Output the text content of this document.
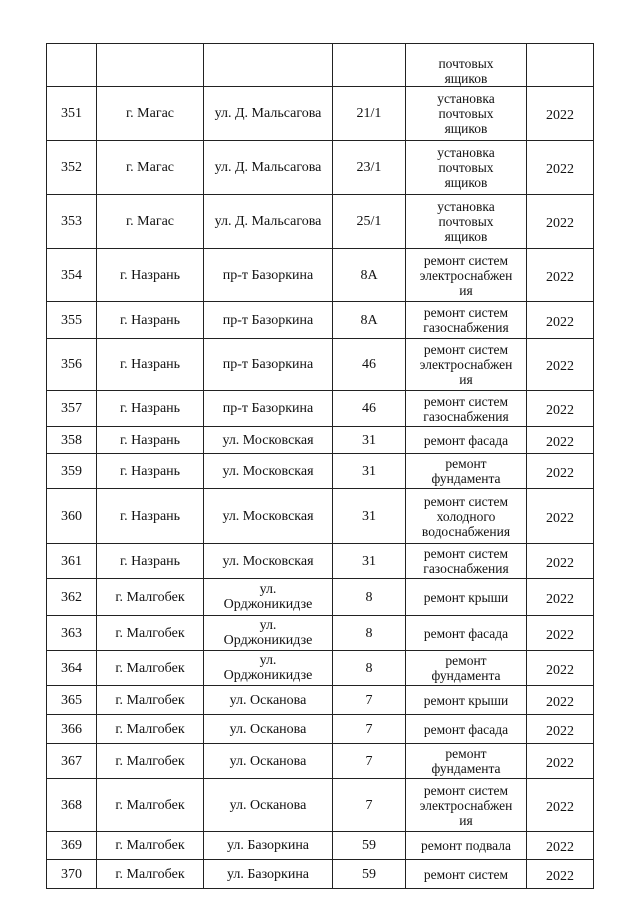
				почтовых
ящиков	

351	г. Магас	ул. Д. Мальсагова	21/1	установка
почтовых
ящиков	2022
352	г. Магас	ул. Д. Мальсагова	23/1	установка
почтовых
ящиков	2022
353	г. Магас	ул. Д. Мальсагова	25/1	установка
почтовых
ящиков	2022
354	г. Назрань	пр-т Базоркина	8А	ремонт систем
электроснабжен
ия	2022
355	г. Назрань	пр-т Базоркина	8А	ремонт систем
газоснабжения	2022
356	г. Назрань	пр-т Базоркина	46	ремонт систем
электроснабжен
ия	2022
357	г. Назрань	пр-т Базоркина	46	ремонт систем
газоснабжения	2022
358	г. Назрань	ул. Московская	31	ремонт фасада	2022
359	г. Назрань	ул. Московская	31	ремонт
фундамента	2022
360	г. Назрань	ул. Московская	31	ремонт систем
холодного
водоснабжения	2022
361	г. Назрань	ул. Московская	31	ремонт систем
газоснабжения	2022
362	г. Малгобек	ул.
Орджоникидзе	8	ремонт крыши	2022
363	г. Малгобек	ул.
Орджоникидзе	8	ремонт фасада	2022
364	г. Малгобек	ул.
Орджоникидзе	8	ремонт
фундамента	2022
365	г. Малгобек	ул. Осканова	7	ремонт крыши	2022
366	г. Малгобек	ул. Осканова	7	ремонт фасада	2022
367	г. Малгобек	ул. Осканова	7	ремонт
фундамента	2022
368	г. Малгобек	ул. Осканова	7	ремонт систем
электроснабжен
ия	2022
369	г. Малгобек	ул. Базоркина	59	ремонт подвала	2022
370	г. Малгобек	ул. Базоркина	59	ремонт систем	2022
